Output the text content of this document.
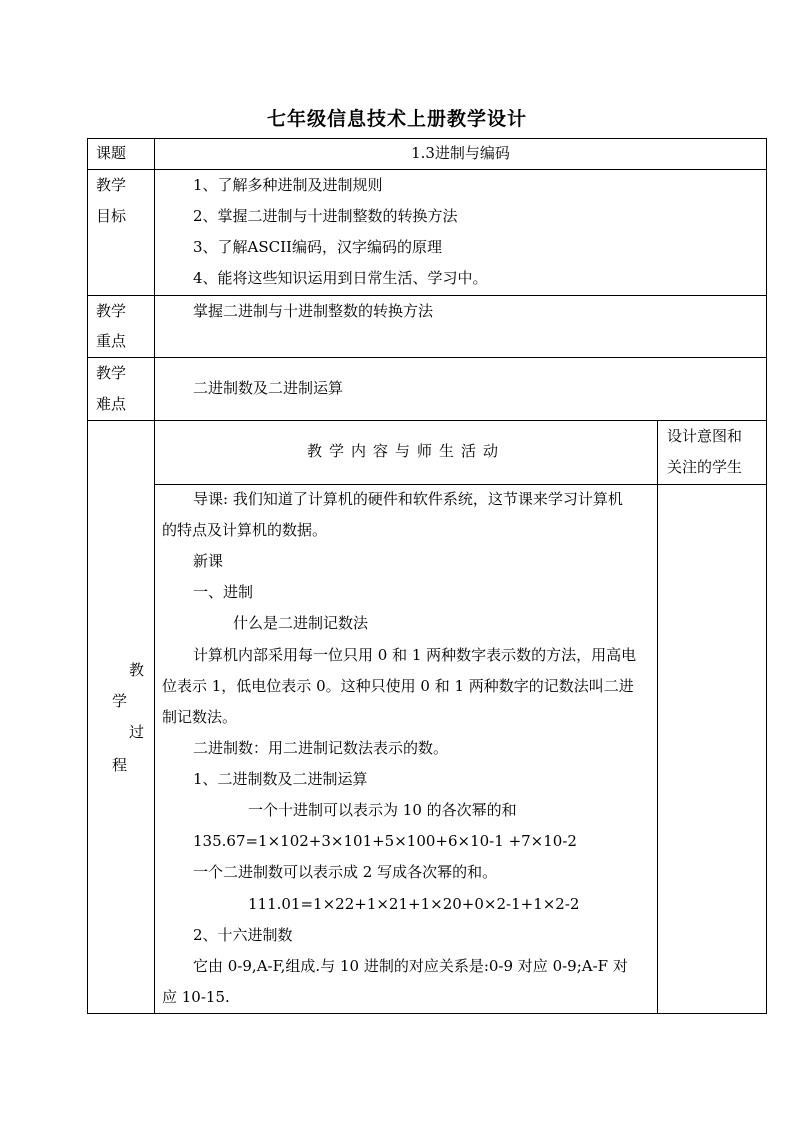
七年级信息技术上册教学设计
课题	1.3进制与编码
教学
目标
1、了解多种进制及进制规则
2、掌握二进制与十进制整数的转换方法
3、了解ASCII编码，汉字编码的原理
4、能将这些知识运用到日常生活、学习中。
教学
重点
掌握二进制与十进制整数的转换方法
教学
难点
二进制数及二进制运算
教
学
过
程
教学内容与师生活动
设计意图和
关注的学生
导课: 我们知道了计算机的硬件和软件系统，这节课来学习计算机
的特点及计算机的数据。
新课
一、进制
什么是二进制记数法
计算机内部采用每一位只用 0 和 1 两种数字表示数的方法，用高电
位表示 1，低电位表示 0。这种只使用 0 和 1 两种数字的记数法叫二进
制记数法。
二进制数：用二进制记数法表示的数。
1、二进制数及二进制运算
一个十进制可以表示为 10 的各次幂的和
135.67=1×102+3×101+5×100+6×10-1 +7×10-2
一个二进制数可以表示成 2 写成各次幂的和。
111.01=1×22+1×21+1×20+0×2-1+1×2-2
2、十六进制数
它由 0-9,A-F,组成.与 10 进制的对应关系是:0-9 对应 0-9;A-F 对
应 10-15.
